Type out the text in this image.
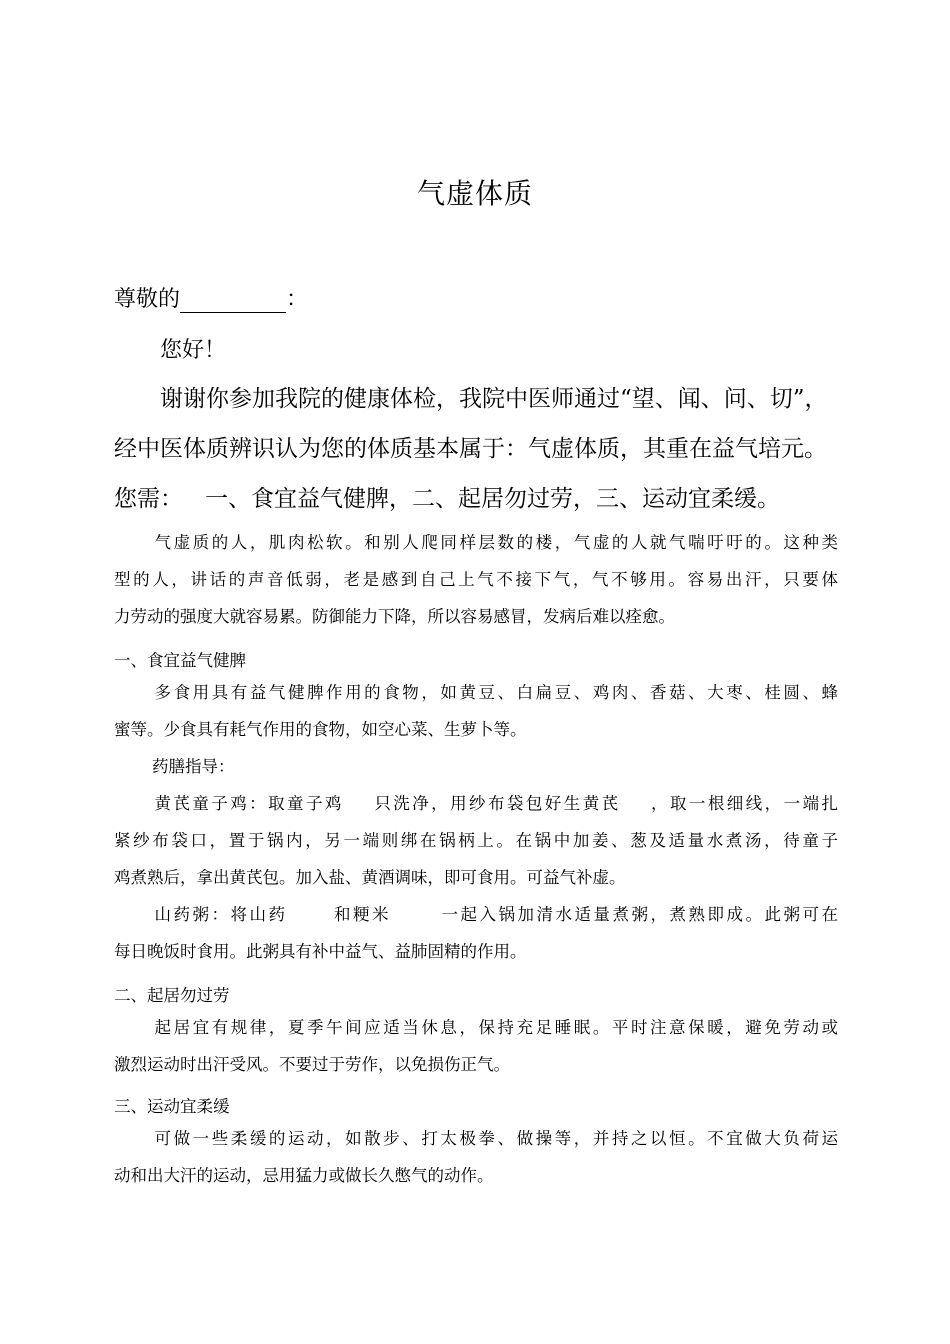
气虚体质
尊敬的	：
您好！
谢谢你参加我院的健康体检，我院中医师通过“望、闻、问、切”，
经中医体质辨识认为您的体质基本属于：气虚体质，其重在益气培元。
您需： 一、食宜益气健脾，二、起居勿过劳，三、运动宜柔缓。
气虚质的人，肌肉松软。和别人爬同样层数的楼，气虚的人就气喘吁吁的。这种类
型的人，讲话的声音低弱，老是感到自己上气不接下气，气不够用。容易出汗，只要体
力劳动的强度大就容易累。防御能力下降，所以容易感冒，发病后难以痊愈。
一、食宜益气健脾
多食用具有益气健脾作用的食物，如黄豆、白扁豆、鸡肉、香菇、大枣、桂圆、蜂
蜜等。少食具有耗气作用的食物，如空心菜、生萝卜等。
药膳指导：
黄芪童子鸡：取童子鸡 只洗净，用纱布袋包好生黄芪 ，取一根细线，一端扎
紧纱布袋口，置于锅内，另一端则绑在锅柄上。在锅中加姜、葱及适量水煮汤，待童子
鸡煮熟后，拿出黄芪包。加入盐、黄酒调味，即可食用。可益气补虚。
山药粥：将山药	和粳米	一起入锅加清水适量煮粥，煮熟即成。此粥可在
每日晚饭时食用。此粥具有补中益气、益肺固精的作用。
二、起居勿过劳
起居宜有规律，夏季午间应适当休息，保持充足睡眠。平时注意保暖，避免劳动或
激烈运动时出汗受风。不要过于劳作，以免损伤正气。
三、运动宜柔缓
可做一些柔缓的运动，如散步、打太极拳、做操等，并持之以恒。不宜做大负荷运
动和出大汗的运动，忌用猛力或做长久憋气的动作。
